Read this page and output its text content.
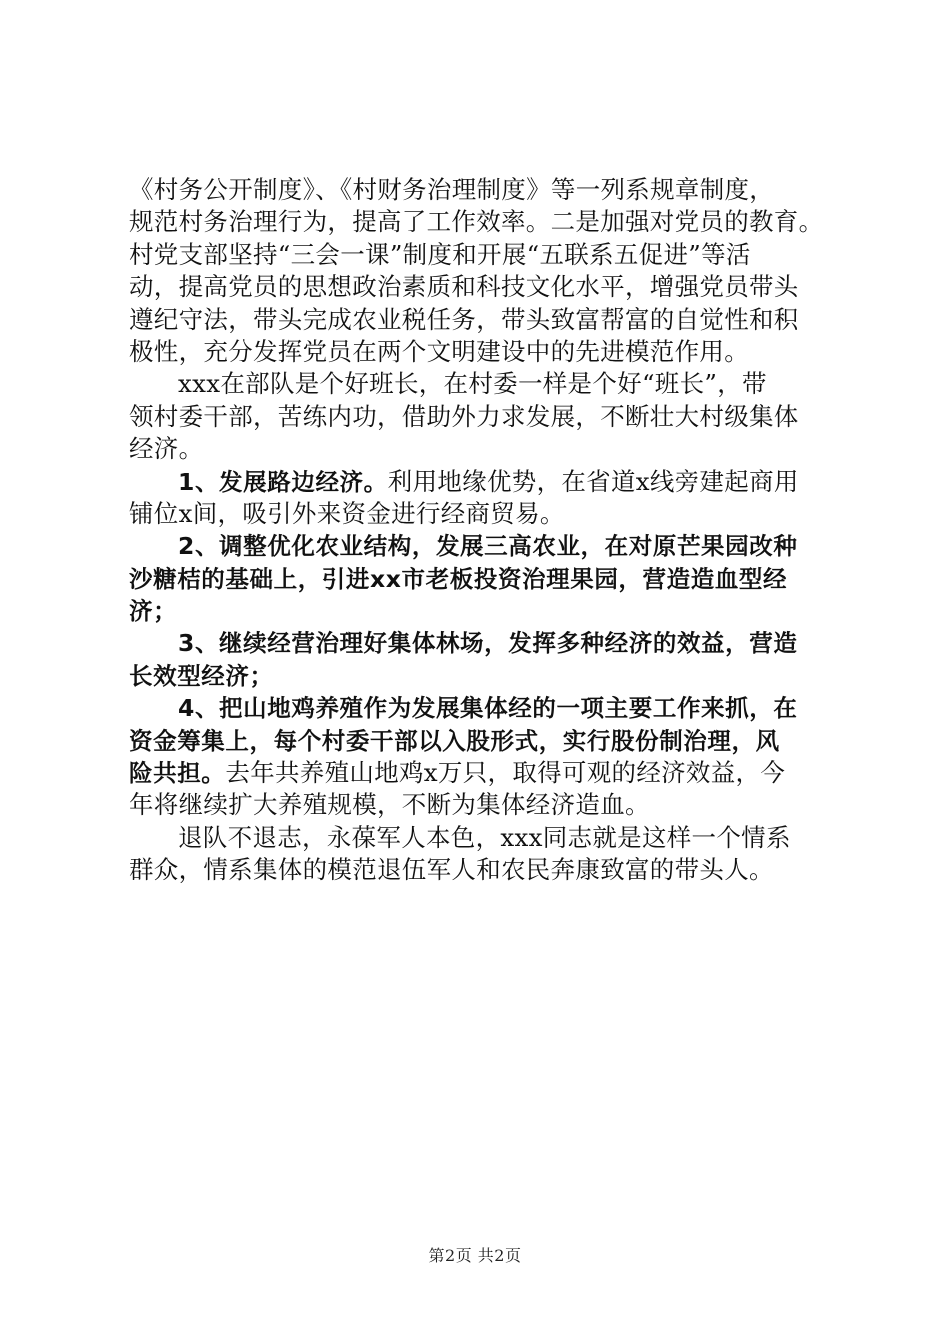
《村务公开制度》、《村财务治理制度》等一列系规章制度，
规范村务治理行为，提高了工作效率。二是加强对党员的教育。
村党支部坚持“三会一课”制度和开展“五联系五促进”等活
动，提高党员的思想政治素质和科技文化水平，增强党员带头
遵纪守法，带头完成农业税任务，带头致富帮富的自觉性和积
极性，充分发挥党员在两个文明建设中的先进模范作用。
xxx在部队是个好班长，在村委一样是个好“班长”，带
领村委干部，苦练内功，借助外力求发展，不断壮大村级集体
经济。
1、发展路边经济。利用地缘优势，在省道x线旁建起商用
铺位x间，吸引外来资金进行经商贸易。
2、调整优化农业结构，发展三高农业，在对原芒果园改种
沙糖桔的基础上，引进xx市老板投资治理果园，营造造血型经
济；
3、继续经营治理好集体林场，发挥多种经济的效益，营造
长效型经济；
4、把山地鸡养殖作为发展集体经的一项主要工作来抓，在
资金筹集上，每个村委干部以入股形式，实行股份制治理，风
险共担。去年共养殖山地鸡x万只，取得可观的经济效益，今
年将继续扩大养殖规模，不断为集体经济造血。
退队不退志，永葆军人本色，xxx同志就是这样一个情系
群众，情系集体的模范退伍军人和农民奔康致富的带头人。
第2页 共2页
